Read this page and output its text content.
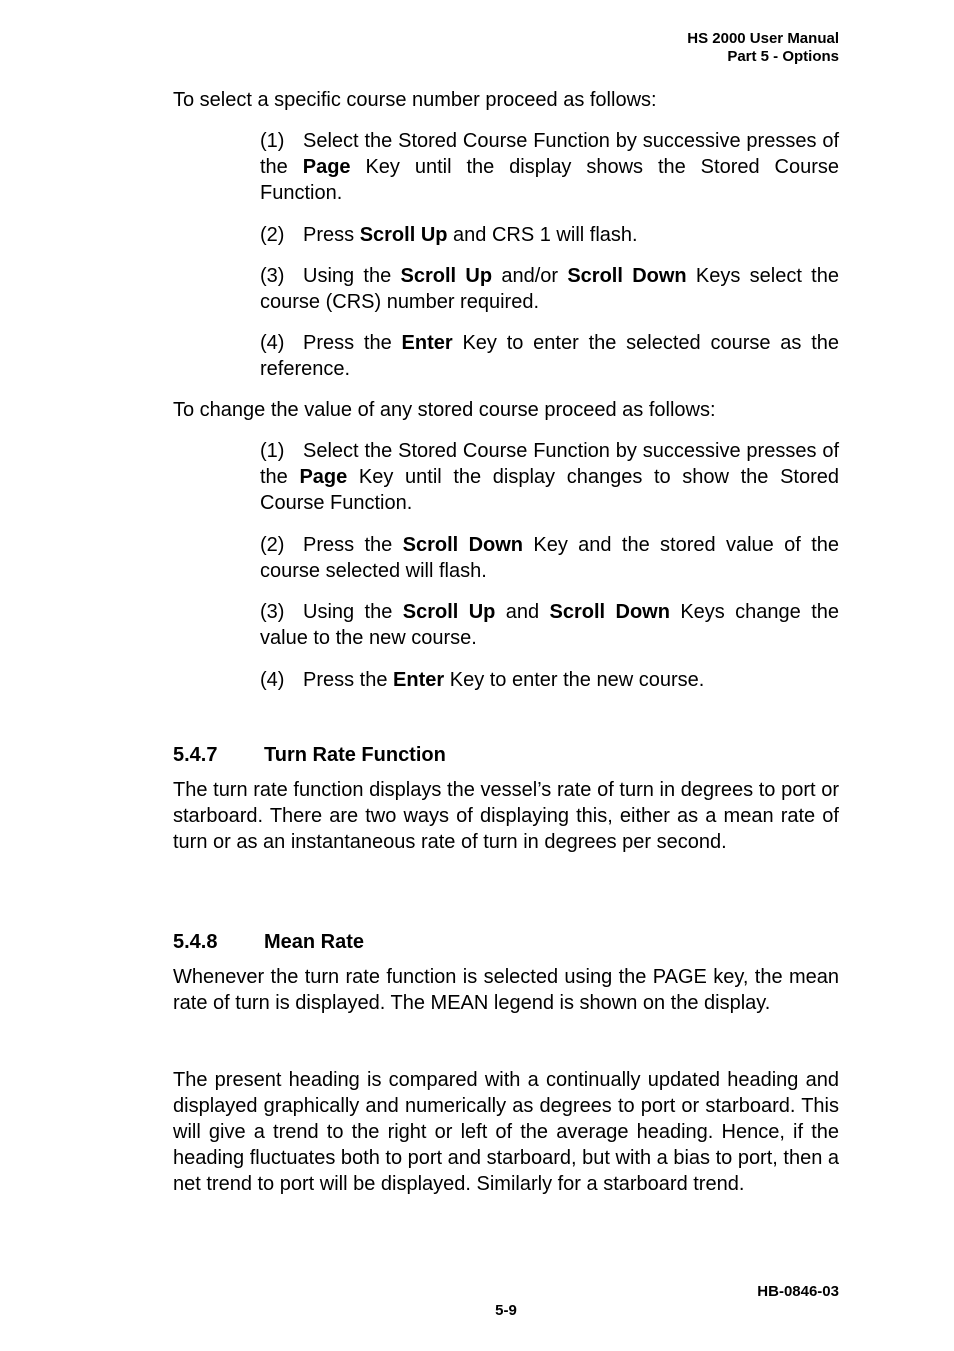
HS 2000 User Manual
Part 5 - Options

To select a specific course number proceed as follows:

(1) Select the Stored Course Function by successive presses of the Page Key until the display shows the Stored Course Function.

(2) Press Scroll Up and CRS 1 will flash.

(3) Using the Scroll Up and/or Scroll Down Keys select the course (CRS) number required.

(4) Press the Enter Key to enter the selected course as the reference.

To change the value of any stored course proceed as follows:

(1) Select the Stored Course Function by successive presses of the Page Key until the display changes to show the Stored Course Function.

(2) Press the Scroll Down Key and the stored value of the course selected will flash.

(3) Using the Scroll Up and Scroll Down Keys change the value to the new course.

(4) Press the Enter Key to enter the new course.

5.4.7 Turn Rate Function

The turn rate function displays the vessel’s rate of turn in degrees to port or starboard. There are two ways of displaying this, either as a mean rate of turn or as an instantaneous rate of turn in degrees per second.

5.4.8 Mean Rate

Whenever the turn rate function is selected using the PAGE key, the mean rate of turn is displayed. The MEAN legend is shown on the display.

The present heading is compared with a continually updated heading and displayed graphically and numerically as degrees to port or starboard. This will give a trend to the right or left of the average heading. Hence, if the heading fluctuates both to port and starboard, but with a bias to port, then a net trend to port will be displayed. Similarly for a starboard trend.

HB-0846-03
5-9
